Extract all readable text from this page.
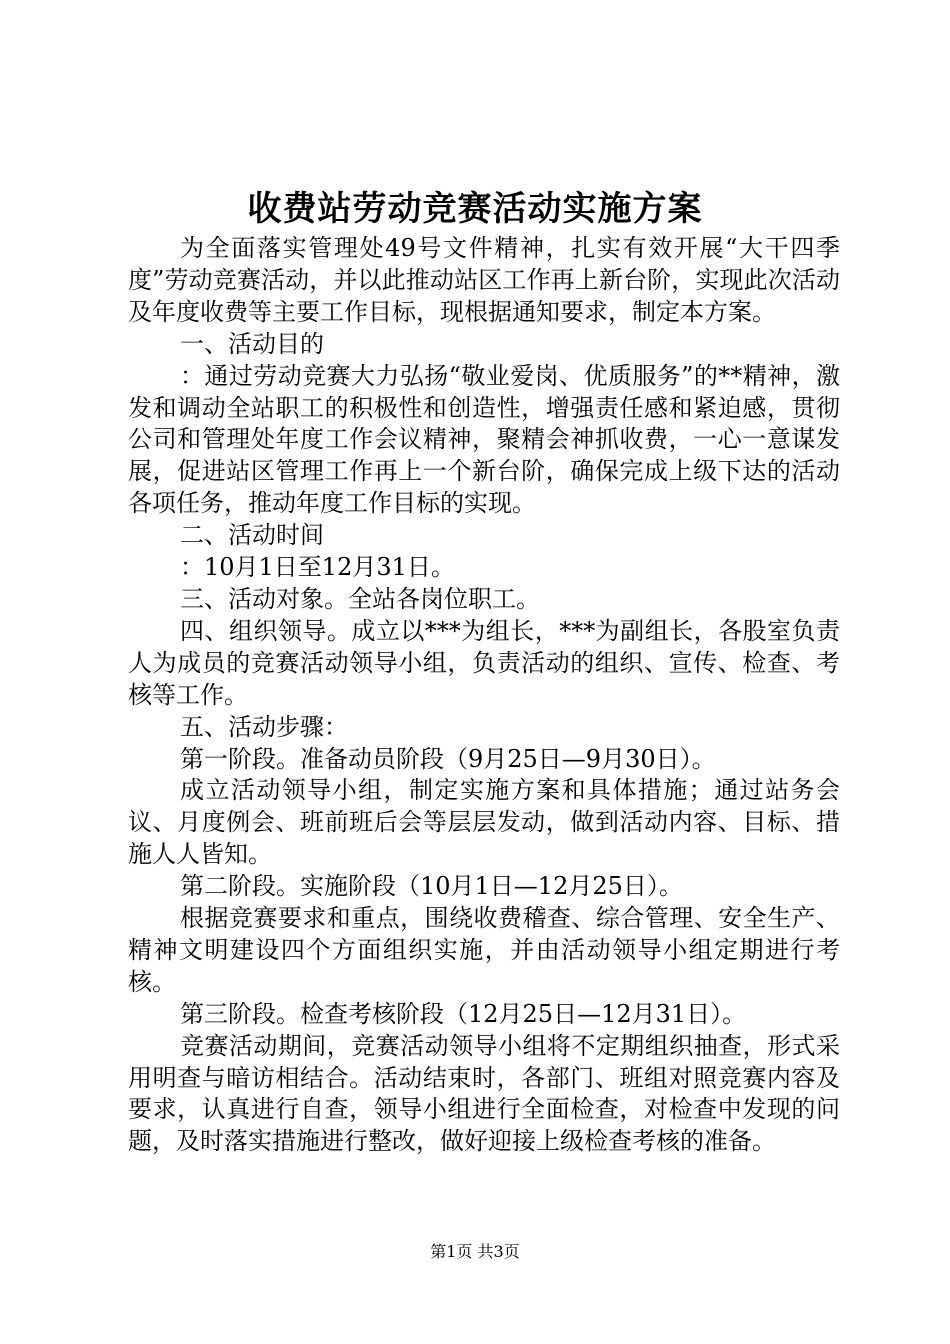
收费站劳动竞赛活动实施方案

为全面落实管理处49号文件精神，扎实有效开展“大干四季度”劳动竞赛活动，并以此推动站区工作再上新台阶，实现此次活动及年度收费等主要工作目标，现根据通知要求，制定本方案。

一、活动目的

：通过劳动竞赛大力弘扬“敬业爱岗、优质服务”的**精神，激发和调动全站职工的积极性和创造性，增强责任感和紧迫感，贯彻公司和管理处年度工作会议精神，聚精会神抓收费，一心一意谋发展，促进站区管理工作再上一个新台阶，确保完成上级下达的活动各项任务，推动年度工作目标的实现。

二、活动时间

：10月1日至12月31日。

三、活动对象。全站各岗位职工。

四、组织领导。成立以***为组长，***为副组长，各股室负责人为成员的竞赛活动领导小组，负责活动的组织、宣传、检查、考核等工作。

五、活动步骤：

第一阶段。准备动员阶段（9月25日—9月30日）。

成立活动领导小组，制定实施方案和具体措施；通过站务会议、月度例会、班前班后会等层层发动，做到活动内容、目标、措施人人皆知。

第二阶段。实施阶段（10月1日—12月25日）。

根据竞赛要求和重点，围绕收费稽查、综合管理、安全生产、精神文明建设四个方面组织实施，并由活动领导小组定期进行考核。

第三阶段。检查考核阶段（12月25日—12月31日）。

竞赛活动期间，竞赛活动领导小组将不定期组织抽查，形式采用明查与暗访相结合。活动结束时，各部门、班组对照竞赛内容及要求，认真进行自查，领导小组进行全面检查，对检查中发现的问题，及时落实措施进行整改，做好迎接上级检查考核的准备。

第1页 共3页
